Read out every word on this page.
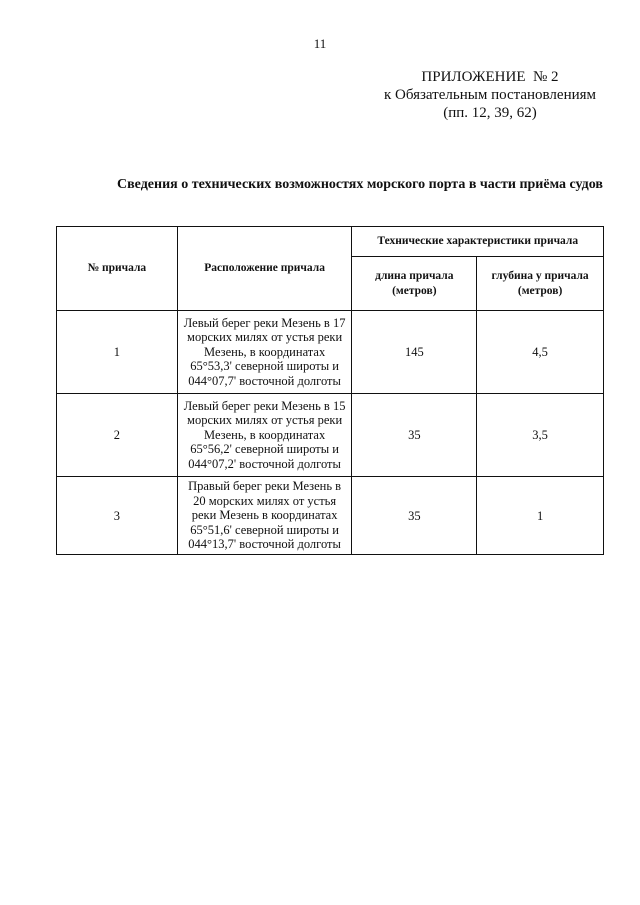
11
ПРИЛОЖЕНИЕ  № 2
к Обязательным постановлениям
(пп. 12, 39, 62)
Сведения о технических возможностях морского порта в части приёма судов
№ причала	Расположение причала	Технические характеристики причала	
		длина причала (метров)	глубина у причала (метров)
1	Левый берег реки Мезень в 17 морских милях от устья реки Мезень, в координатах 65°53,3' северной широты и 044°07,7' восточной долготы	145	4,5
2	Левый берег реки Мезень в 15 морских милях от устья реки Мезень, в координатах 65°56,2' северной широты и 044°07,2' восточной долготы	35	3,5
3	Правый берег реки Мезень в 20 морских милях от устья реки Мезень в координатах 65°51,6' северной широты и 044°13,7' восточной долготы	35	1
